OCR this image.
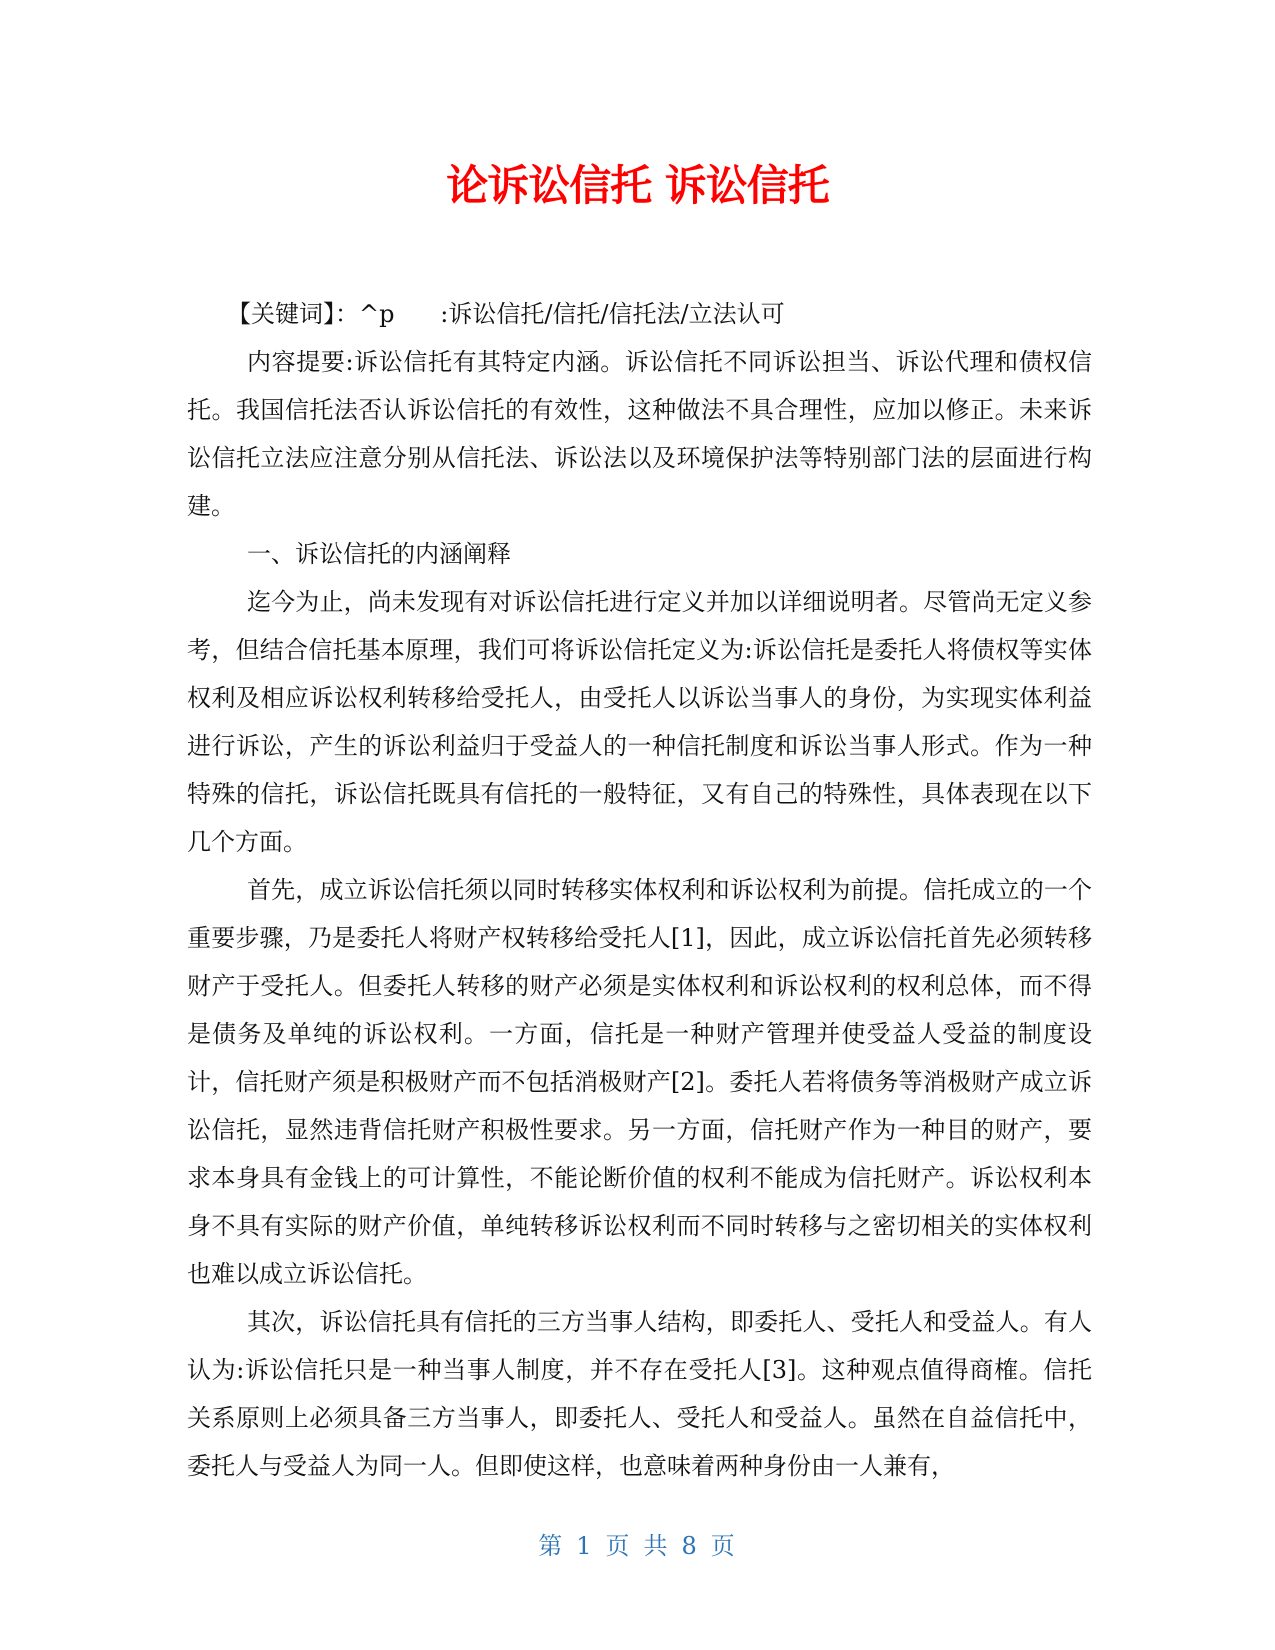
论诉讼信托 诉讼信托

【关键词】：^p      :诉讼信托/信托/信托法/立法认可

内容提要:诉讼信托有其特定内涵。诉讼信托不同诉讼担当、诉讼代理和债权信托。我国信托法否认诉讼信托的有效性，这种做法不具合理性，应加以修正。未来诉讼信托立法应注意分别从信托法、诉讼法以及环境保护法等特别部门法的层面进行构建。

一、诉讼信托的内涵阐释

迄今为止，尚未发现有对诉讼信托进行定义并加以详细说明者。尽管尚无定义参考，但结合信托基本原理，我们可将诉讼信托定义为:诉讼信托是委托人将债权等实体权利及相应诉讼权利转移给受托人，由受托人以诉讼当事人的身份，为实现实体利益进行诉讼，产生的诉讼利益归于受益人的一种信托制度和诉讼当事人形式。作为一种特殊的信托，诉讼信托既具有信托的一般特征，又有自己的特殊性，具体表现在以下几个方面。

首先，成立诉讼信托须以同时转移实体权利和诉讼权利为前提。信托成立的一个重要步骤，乃是委托人将财产权转移给受托人[1]，因此，成立诉讼信托首先必须转移财产于受托人。但委托人转移的财产必须是实体权利和诉讼权利的权利总体，而不得是债务及单纯的诉讼权利。一方面，信托是一种财产管理并使受益人受益的制度设计，信托财产须是积极财产而不包括消极财产[2]。委托人若将债务等消极财产成立诉讼信托，显然违背信托财产积极性要求。另一方面，信托财产作为一种目的财产，要求本身具有金钱上的可计算性，不能论断价值的权利不能成为信托财产。诉讼权利本身不具有实际的财产价值，单纯转移诉讼权利而不同时转移与之密切相关的实体权利也难以成立诉讼信托。

其次，诉讼信托具有信托的三方当事人结构，即委托人、受托人和受益人。有人认为:诉讼信托只是一种当事人制度，并不存在受托人[3]。这种观点值得商榷。信托关系原则上必须具备三方当事人，即委托人、受托人和受益人。虽然在自益信托中，委托人与受益人为同一人。但即使这样，也意味着两种身份由一人兼有，

第 1 页 共 8 页
